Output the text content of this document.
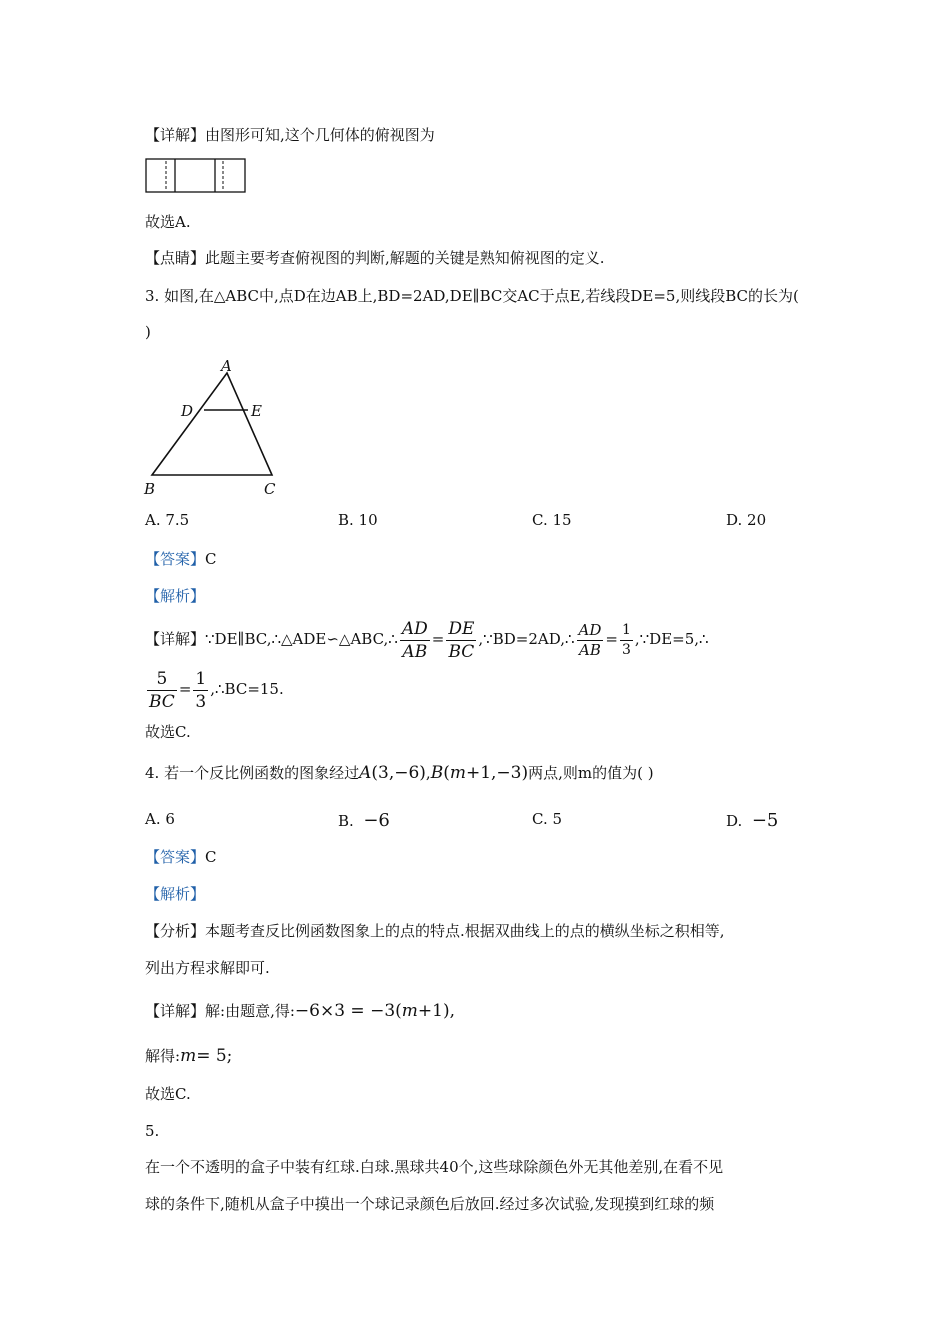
【详解】由图形可知,这个几何体的俯视图为
故选A.
【点睛】此题主要考查俯视图的判断,解题的关键是熟知俯视图的定义.
3. 如图,在△ABC中,点D在边AB上,BD=2AD,DE∥BC交AC于点E,若线段DE=5,则线段BC的长为(
)
A
D	E
B	C
A. 7.5	B. 10	C. 15	D. 20
【答案】C
【解析】
【详解】∵DE∥BC,∴△ADE∽△ABC,∴ $\frac{AD}{AB} = \frac{DE}{BC}$ ,∵BD=2AD,∴ $\frac{AD}{AB} = \frac{1}{3}$ ,∵DE=5,∴
$\frac{5}{BC} = \frac{1}{3}$ ,∴BC=15.
故选C.
4. 若一个反比例函数的图象经过A(3,−6),B(m+1,−3)两点,则m的值为( )
A. 6	B. −6	C. 5	D. −5
【答案】C
【解析】
【分析】本题考查反比例函数图象上的点的特点.根据双曲线上的点的横纵坐标之积相等,
列出方程求解即可.
【详解】解:由题意,得:−6×3 = −3(m+1),
解得:m= 5;
故选C.
5.
在一个不透明的盒子中装有红球.白球.黑球共40个,这些球除颜色外无其他差别,在看不见
球的条件下,随机从盒子中摸出一个球记录颜色后放回.经过多次试验,发现摸到红球的频
